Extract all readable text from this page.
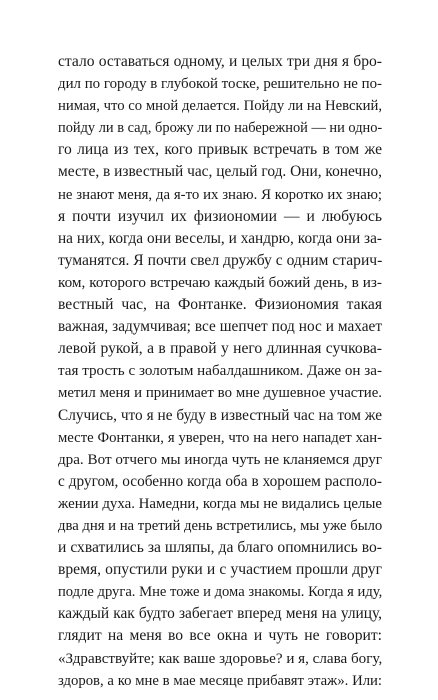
стало оставаться одному, и целых три дня я бро-
дил по городу в глубокой тоске, решительно не по-
нимая, что со мной делается. Пойду ли на Невский,
пойду ли в сад, брожу ли по набережной — ни одно-
го лица из тех, кого привык встречать в том же
месте, в известный час, целый год. Они, конечно,
не знают меня, да я-то их знаю. Я коротко их знаю;
я почти изучил их физиономии — и любуюсь
на них, когда они веселы, и хандрю, когда они за-
туманятся. Я почти свел дружбу с одним старич-
ком, которого встречаю каждый божий день, в из-
вестный час, на Фонтанке. Физиономия такая
важная, задумчивая; все шепчет под нос и махает
левой рукой, а в правой у него длинная сучкова-
тая трость с золотым набалдашником. Даже он за-
метил меня и принимает во мне душевное участие.
Случись, что я не буду в известный час на том же
месте Фонтанки, я уверен, что на него нападет хан-
дра. Вот отчего мы иногда чуть не кланяемся друг
с другом, особенно когда оба в хорошем располо-
жении духа. Намедни, когда мы не видались целые
два дня и на третий день встретились, мы уже было
и схватились за шляпы, да благо опомнились во-
время, опустили руки и с участием прошли друг
подле друга. Мне тоже и дома знакомы. Когда я иду,
каждый как будто забегает вперед меня на улицу,
глядит на меня во все окна и чуть не говорит:
«Здравствуйте; как ваше здоровье? и я, слава богу,
здоров, а ко мне в мае месяце прибавят этаж». Или:
